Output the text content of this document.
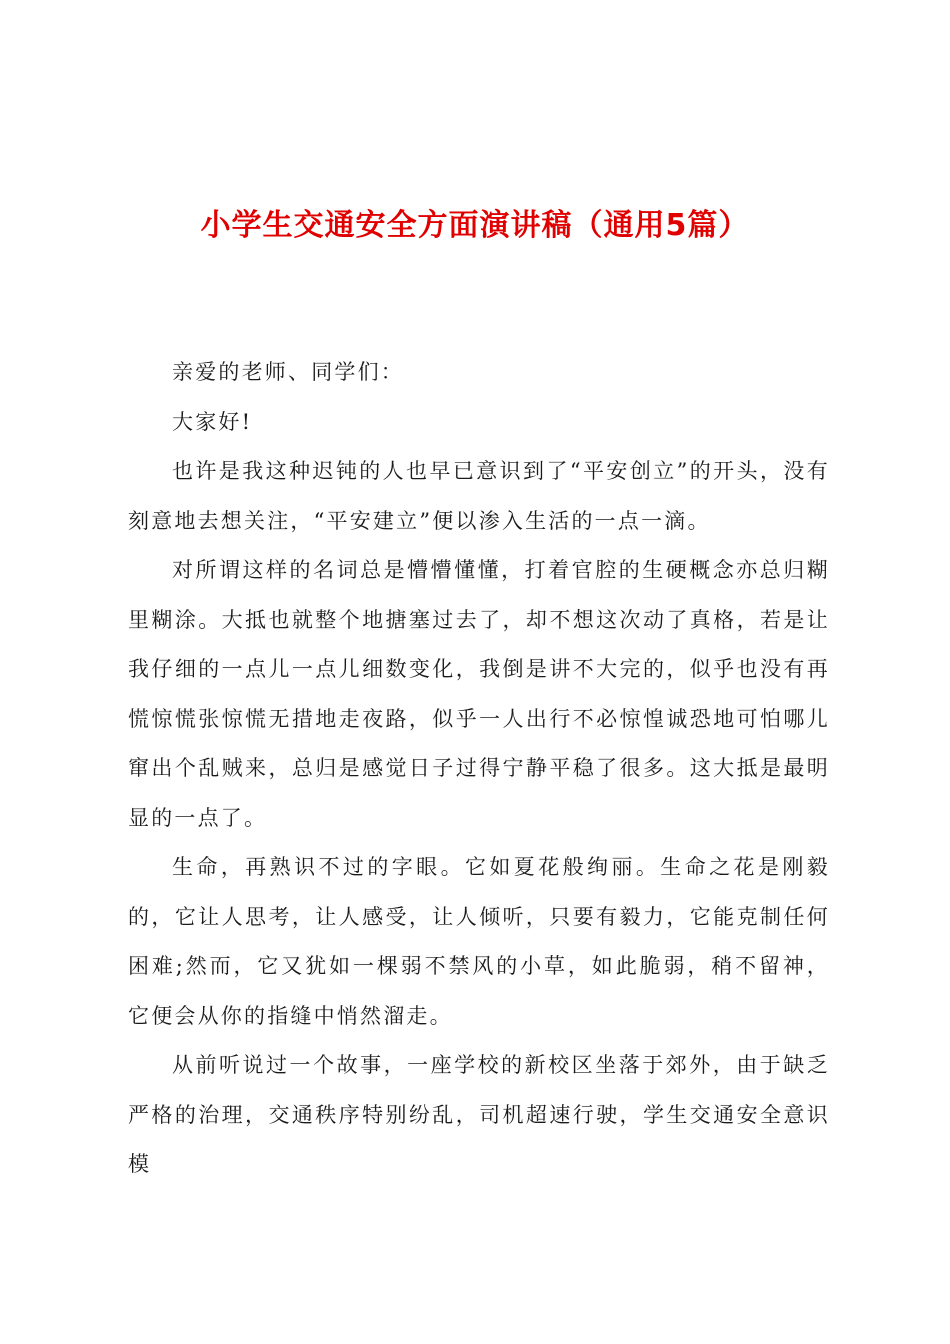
小学生交通安全方面演讲稿（通用5篇）

亲爱的老师、同学们：

大家好!

也许是我这种迟钝的人也早已意识到了“平安创立”的开头，没有刻意地去想关注，“平安建立”便以渗入生活的一点一滴。

对所谓这样的名词总是懵懵懂懂，打着官腔的生硬概念亦总归糊里糊涂。大抵也就整个地搪塞过去了，却不想这次动了真格，若是让我仔细的一点儿一点儿细数变化，我倒是讲不大完的，似乎也没有再慌惊慌张惊慌无措地走夜路，似乎一人出行不必惊惶诚恐地可怕哪儿窜出个乱贼来，总归是感觉日子过得宁静平稳了很多。这大抵是最明显的一点了。

生命，再熟识不过的字眼。它如夏花般绚丽。生命之花是刚毅的，它让人思考，让人感受，让人倾听，只要有毅力，它能克制任何困难;然而，它又犹如一棵弱不禁风的小草，如此脆弱，稍不留神，它便会从你的指缝中悄然溜走。

从前听说过一个故事，一座学校的新校区坐落于郊外，由于缺乏严格的治理，交通秩序特别纷乱，司机超速行驶，学生交通安全意识模
